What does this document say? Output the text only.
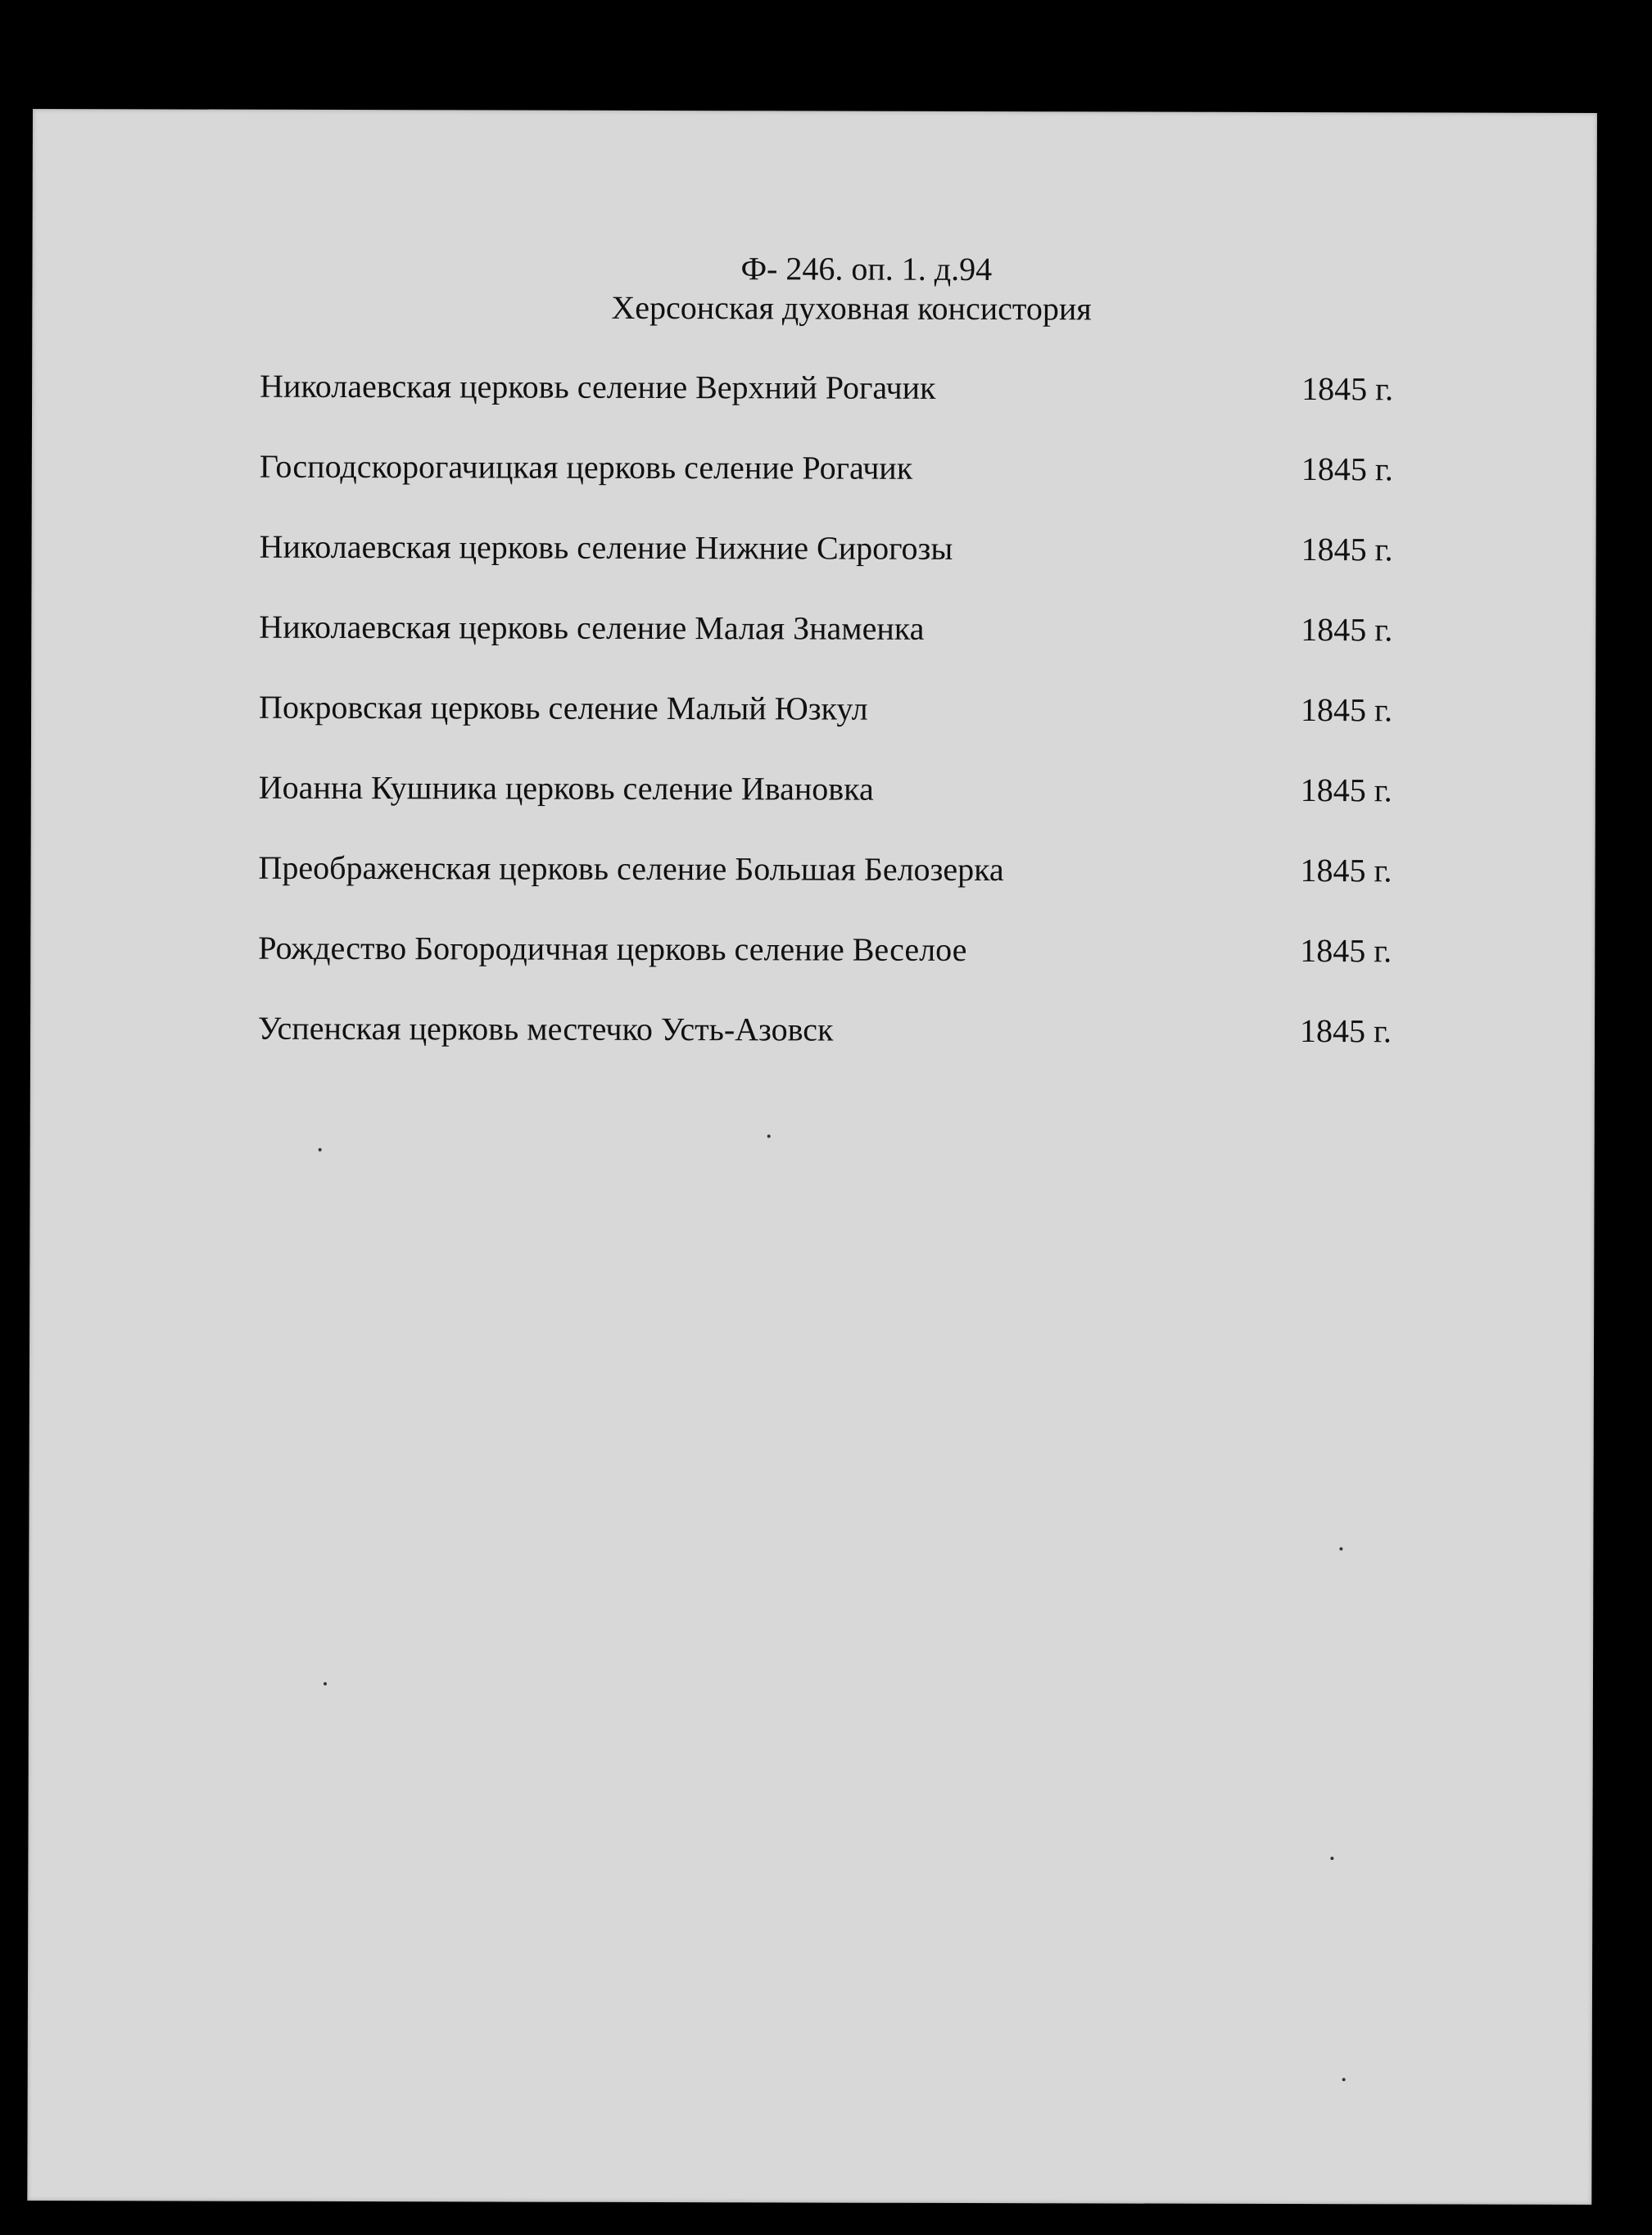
Ф- 246. оп. 1. д.94
Херсонская духовная консистория
Николаевская церковь селение Верхний Рогачик	1845 г.
Господскорогачицкая церковь селение Рогачик	1845 г.
Николаевская церковь селение Нижние Сирогозы	1845 г.
Николаевская церковь селение Малая Знаменка	1845 г.
Покровская церковь селение Малый Юзкул	1845 г.
Иоанна Кушника церковь селение Ивановка	1845 г.
Преображенская церковь селение Большая Белозерка	1845 г.
Рождество Богородичная церковь селение Веселое	1845 г.
Успенская церковь местечко Усть-Азовск	1845 г.
